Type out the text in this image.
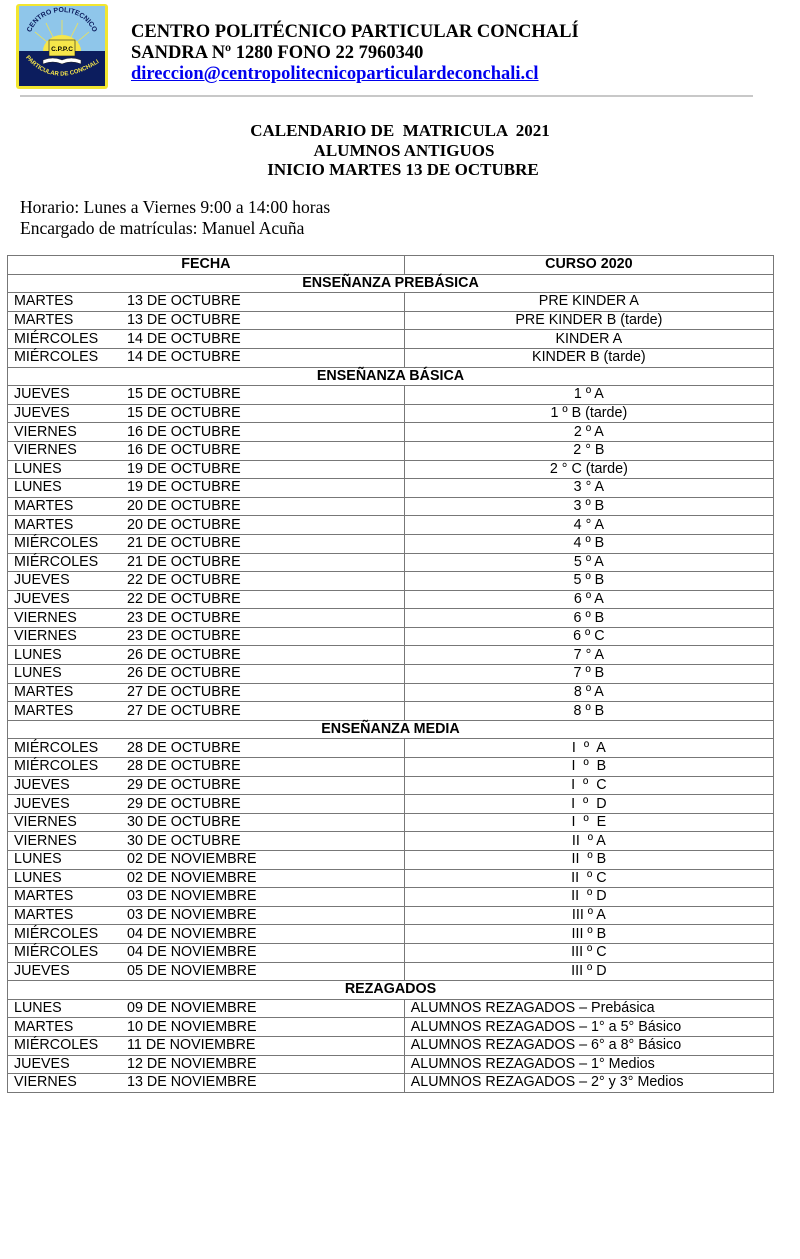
C.P.P.C
CENTRO POLITECNICO
PARTICULAR DE CONCHALI
CENTRO POLITÉCNICO PARTICULAR CONCHALÍ
SANDRA Nº 1280 FONO 22 7960340
direccion@centropolitecnicoparticulardeconchali.cl
CALENDARIO DE  MATRICULA  2021
ALUMNOS ANTIGUOS
INICIO MARTES 13 DE OCTUBRE
Horario: Lunes a Viernes 9:00 a 14:00 horas
Encargado de matrículas: Manuel Acuña
FECHA	CURSO 2020
ENSEÑANZA PREBÁSICA	
MARTES 13 DE OCTUBRE	PRE KINDER A
MARTES 13 DE OCTUBRE	PRE KINDER B (tarde)
MIÉRCOLES 14 DE OCTUBRE	KINDER A
MIÉRCOLES 14 DE OCTUBRE	KINDER B (tarde)
ENSEÑANZA BÁSICA	
JUEVES 15 DE OCTUBRE	1 º A
JUEVES 15 DE OCTUBRE	1 º B (tarde)
VIERNES 16 DE OCTUBRE	2 º A
VIERNES 16 DE OCTUBRE	2 ° B
LUNES 19 DE OCTUBRE	2 ° C (tarde)
LUNES 19 DE OCTUBRE	3 ° A
MARTES 20 DE OCTUBRE	3 º B
MARTES 20 DE OCTUBRE	4 ° A
MIÉRCOLES 21 DE OCTUBRE	4 º B
MIÉRCOLES 21 DE OCTUBRE	5 º A
JUEVES 22 DE OCTUBRE	5 º B
JUEVES 22 DE OCTUBRE	6 º A
VIERNES 23 DE OCTUBRE	6 º B
VIERNES 23 DE OCTUBRE	6 º C
LUNES 26 DE OCTUBRE	7 ° A
LUNES 26 DE OCTUBRE	7 º B
MARTES 27 DE OCTUBRE	8 º A
MARTES 27 DE OCTUBRE	8 º B
ENSEÑANZA MEDIA	
MIÉRCOLES 28 DE OCTUBRE	I  º  A
MIÉRCOLES 28 DE OCTUBRE	I  º  B
JUEVES 29 DE OCTUBRE	I  º  C
JUEVES 29 DE OCTUBRE	I  º  D
VIERNES 30 DE OCTUBRE	I  º  E
VIERNES 30 DE OCTUBRE	II  º A
LUNES 02 DE NOVIEMBRE	II  º B
LUNES 02 DE NOVIEMBRE	II  º C
MARTES 03 DE NOVIEMBRE	II  º D
MARTES 03 DE NOVIEMBRE	III º A
MIÉRCOLES 04 DE NOVIEMBRE	III º B
MIÉRCOLES 04 DE NOVIEMBRE	III º C
JUEVES 05 DE NOVIEMBRE	III º D
REZAGADOS	
LUNES 09 DE NOVIEMBRE	ALUMNOS REZAGADOS – Prebásica
MARTES 10 DE NOVIEMBRE	ALUMNOS REZAGADOS – 1° a 5° Básico
MIÉRCOLES 11 DE NOVIEMBRE	ALUMNOS REZAGADOS – 6° a 8° Básico
JUEVES 12 DE NOVIEMBRE	ALUMNOS REZAGADOS – 1° Medios
VIERNES 13 DE NOVIEMBRE	ALUMNOS REZAGADOS – 2° y 3° Medios
